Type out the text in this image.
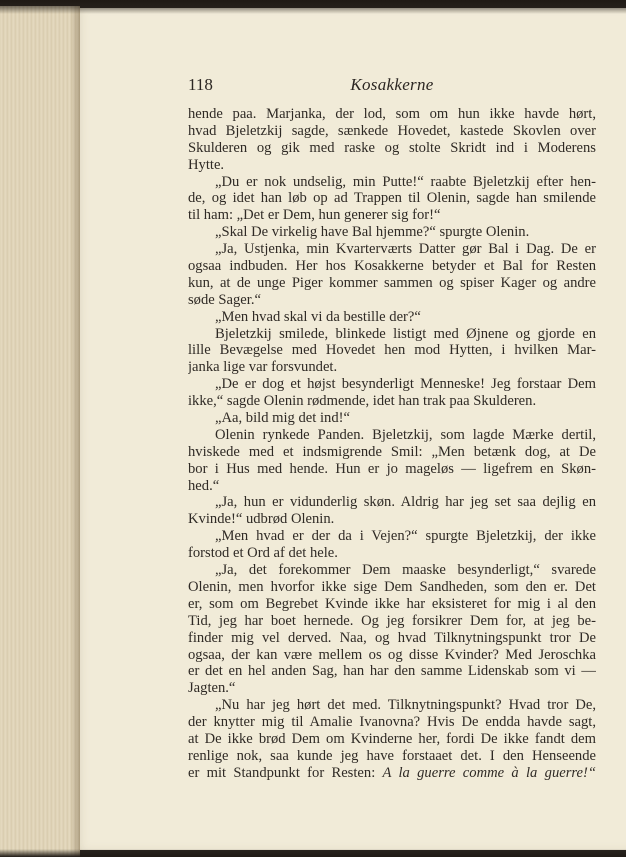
118	Kosakkerne
hende paa. Marjanka, der lod, som om hun ikke havde hørt,
hvad Bjeletzkij sagde, sænkede Hovedet, kastede Skovlen over
Skulderen og gik med raske og stolte Skridt ind i Moderens
Hytte.
„Du er nok undselig, min Putte!“ raabte Bjeletzkij efter hen-
de, og idet han løb op ad Trappen til Olenin, sagde han smilende
til ham: „Det er Dem, hun generer sig for!“
„Skal De virkelig have Bal hjemme?“ spurgte Olenin.
„Ja, Ustjenka, min Kvarterværts Datter gør Bal i Dag. De er
ogsaa indbuden. Her hos Kosakkerne betyder et Bal for Resten
kun, at de unge Piger kommer sammen og spiser Kager og andre
søde Sager.“
„Men hvad skal vi da bestille der?“
Bjeletzkij smilede, blinkede listigt med Øjnene og gjorde en
lille Bevægelse med Hovedet hen mod Hytten, i hvilken Mar-
janka lige var forsvundet.
„De er dog et højst besynderligt Menneske! Jeg forstaar Dem
ikke,“ sagde Olenin rødmende, idet han trak paa Skulderen.
„Aa, bild mig det ind!“
Olenin rynkede Panden. Bjeletzkij, som lagde Mærke dertil,
hviskede med et indsmigrende Smil: „Men betænk dog, at De
bor i Hus med hende. Hun er jo mageløs — ligefrem en Skøn-
hed.“
„Ja, hun er vidunderlig skøn. Aldrig har jeg set saa dejlig en
Kvinde!“ udbrød Olenin.
„Men hvad er der da i Vejen?“ spurgte Bjeletzkij, der ikke
forstod et Ord af det hele.
„Ja, det forekommer Dem maaske besynderligt,“ svarede
Olenin, men hvorfor ikke sige Dem Sandheden, som den er. Det
er, som om Begrebet Kvinde ikke har eksisteret for mig i al den
Tid, jeg har boet hernede. Og jeg forsikrer Dem for, at jeg be-
finder mig vel derved. Naa, og hvad Tilknytningspunkt tror De
ogsaa, der kan være mellem os og disse Kvinder? Med Jeroschka
er det en hel anden Sag, han har den samme Lidenskab som vi —
Jagten.“
„Nu har jeg hørt det med. Tilknytningspunkt? Hvad tror De,
der knytter mig til Amalie Ivanovna? Hvis De endda havde sagt,
at De ikke brød Dem om Kvinderne her, fordi De ikke fandt dem
renlige nok, saa kunde jeg have forstaaet det. I den Henseende
er mit Standpunkt for Resten: A la guerre comme à la guerre!“
